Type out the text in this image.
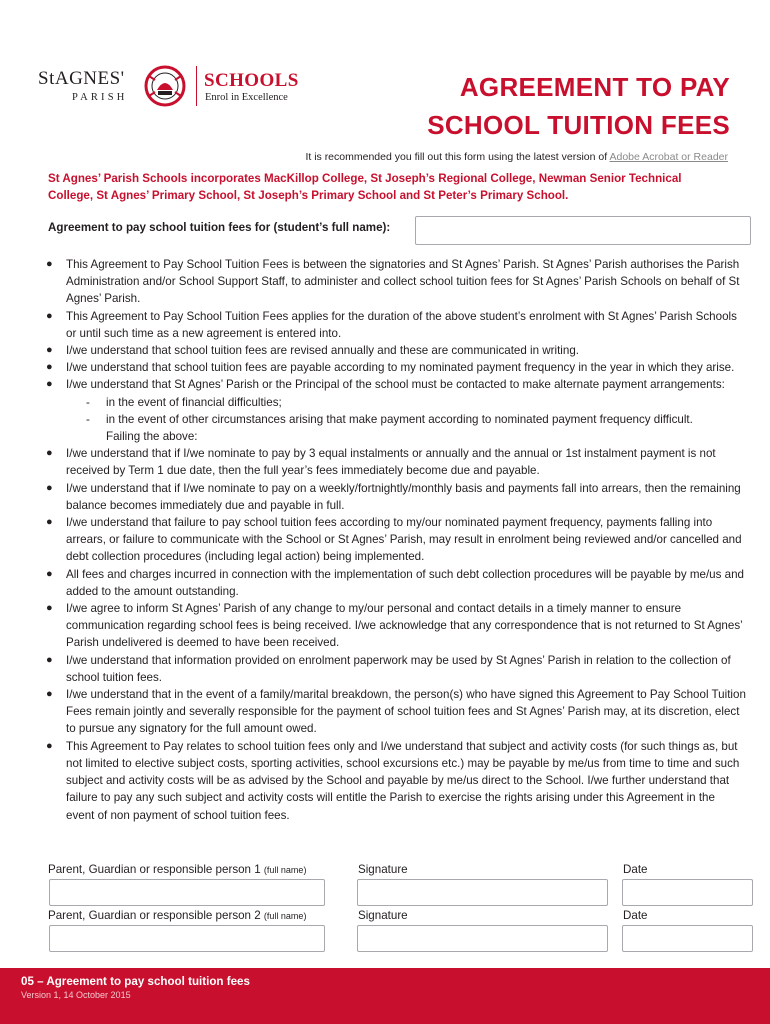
StAGNES'
PARISH
SCHOOLS
Enrol in Excellence	AGREEMENT TO PAY
SCHOOL TUITION FEES
It is recommended you fill out this form using the latest version of Adobe Acrobat or Reader
St Agnes’ Parish Schools incorporates MacKillop College, St Joseph’s Regional College, Newman Senior Technical College, St Agnes’ Primary School, St Joseph’s Primary School and St Peter’s Primary School.
Agreement to pay school tuition fees for (student’s full name):
● This Agreement to Pay School Tuition Fees is between the signatories and St Agnes’ Parish. St Agnes’ Parish authorises the Parish Administration and/or School Support Staff, to administer and collect school tuition fees for St Agnes’ Parish Schools on behalf of St Agnes’ Parish.
● This Agreement to Pay School Tuition Fees applies for the duration of the above student’s enrolment with St Agnes’ Parish Schools or until such time as a new agreement is entered into.
● I/we understand that school tuition fees are revised annually and these are communicated in writing.
● I/we understand that school tuition fees are payable according to my nominated payment frequency in the year in which they arise.
● I/we understand that St Agnes’ Parish or the Principal of the school must be contacted to make alternate payment arrangements:
- in the event of financial difficulties;
- in the event of other circumstances arising that make payment according to nominated payment frequency difficult.
Failing the above:
● I/we understand that if I/we nominate to pay by 3 equal instalments or annually and the annual or 1st instalment payment is not received by Term 1 due date, then the full year’s fees immediately become due and payable.
● I/we understand that if I/we nominate to pay on a weekly/fortnightly/monthly basis and payments fall into arrears, then the remaining balance becomes immediately due and payable in full.
● I/we understand that failure to pay school tuition fees according to my/our nominated payment frequency, payments falling into arrears, or failure to communicate with the School or St Agnes’ Parish, may result in enrolment being reviewed and/or cancelled and debt collection procedures (including legal action) being implemented.
● All fees and charges incurred in connection with the implementation of such debt collection procedures will be payable by me/us and added to the amount outstanding.
● I/we agree to inform St Agnes’ Parish of any change to my/our personal and contact details in a timely manner to ensure communication regarding school fees is being received. I/we acknowledge that any correspondence that is not returned to St Agnes’ Parish undelivered is deemed to have been received.
● I/we understand that information provided on enrolment paperwork may be used by St Agnes’ Parish in relation to the collection of school tuition fees.
● I/we understand that in the event of a family/marital breakdown, the person(s) who have signed this Agreement to Pay School Tuition Fees remain jointly and severally responsible for the payment of school tuition fees and St Agnes’ Parish may, at its discretion, elect to pursue any signatory for the full amount owed.
● This Agreement to Pay relates to school tuition fees only and I/we understand that subject and activity costs (for such things as, but not limited to elective subject costs, sporting activities, school excursions etc.) may be payable by me/us from time to time and such subject and activity costs will be as advised by the School and payable by me/us direct to the School. I/we further understand that failure to pay any such subject and activity costs will entitle the Parish to exercise the rights arising under this Agreement in the event of non payment of school tuition fees.
Parent, Guardian or responsible person 1 (full name)	Signature	Date
Parent, Guardian or responsible person 2 (full name)	Signature	Date
05 – Agreement to pay school tuition fees
Version 1, 14 October 2015
